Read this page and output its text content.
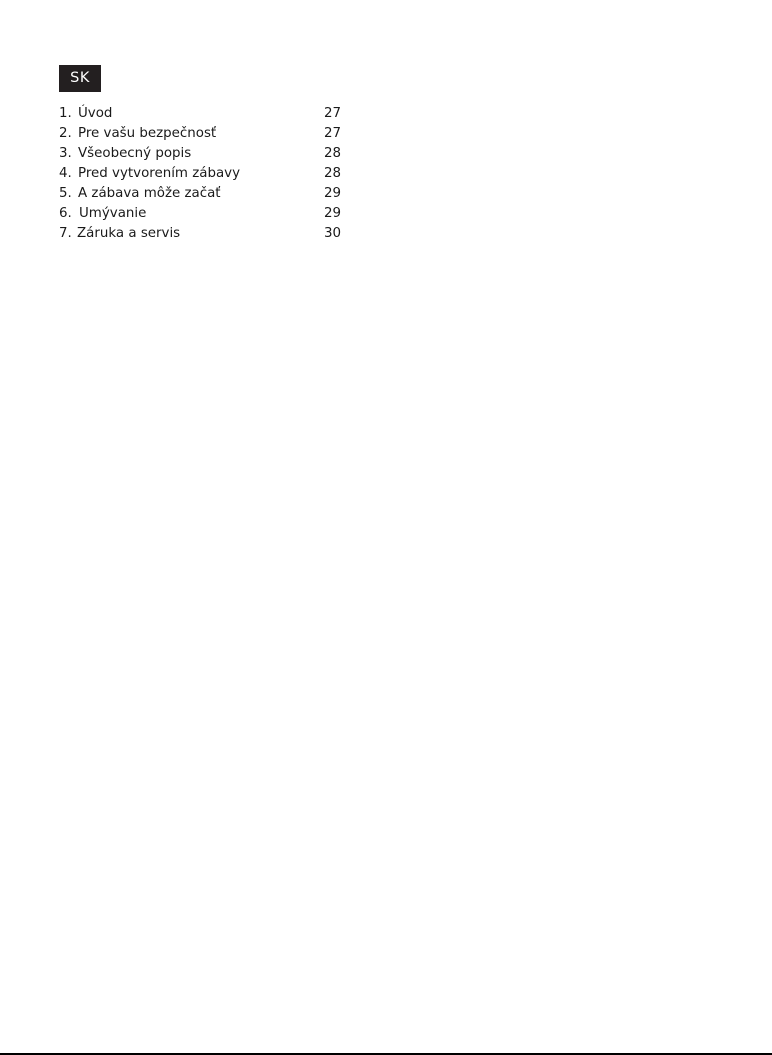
SK
1. Úvod	27
2. Pre vašu bezpečnosť	27
3. Všeobecný popis	28
4. Pred vytvorením zábavy	28
5. A zábava môže začať	29
6. Umývanie	29
7. Záruka a servis	30
